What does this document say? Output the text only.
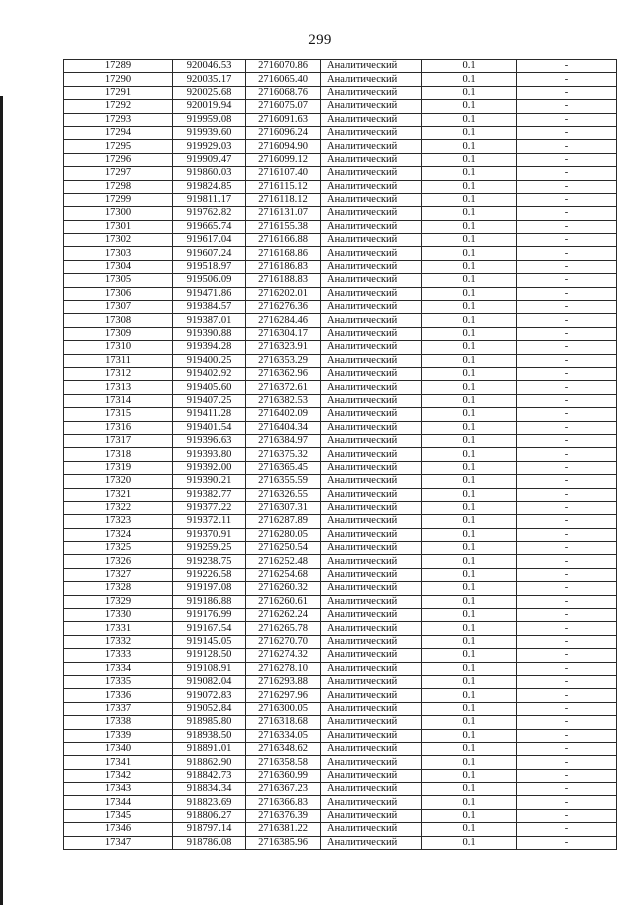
299
17289	920046.53	2716070.86	Аналитический	0.1	-
17290	920035.17	2716065.40	Аналитический	0.1	-
17291	920025.68	2716068.76	Аналитический	0.1	-
17292	920019.94	2716075.07	Аналитический	0.1	-
17293	919959.08	2716091.63	Аналитический	0.1	-
17294	919939.60	2716096.24	Аналитический	0.1	-
17295	919929.03	2716094.90	Аналитический	0.1	-
17296	919909.47	2716099.12	Аналитический	0.1	-
17297	919860.03	2716107.40	Аналитический	0.1	-
17298	919824.85	2716115.12	Аналитический	0.1	-
17299	919811.17	2716118.12	Аналитический	0.1	-
17300	919762.82	2716131.07	Аналитический	0.1	-
17301	919665.74	2716155.38	Аналитический	0.1	-
17302	919617.04	2716166.88	Аналитический	0.1	-
17303	919607.24	2716168.86	Аналитический	0.1	-
17304	919518.97	2716186.83	Аналитический	0.1	-
17305	919506.09	2716188.83	Аналитический	0.1	-
17306	919471.86	2716202.01	Аналитический	0.1	-
17307	919384.57	2716276.36	Аналитический	0.1	-
17308	919387.01	2716284.46	Аналитический	0.1	-
17309	919390.88	2716304.17	Аналитический	0.1	-
17310	919394.28	2716323.91	Аналитический	0.1	-
17311	919400.25	2716353.29	Аналитический	0.1	-
17312	919402.92	2716362.96	Аналитический	0.1	-
17313	919405.60	2716372.61	Аналитический	0.1	-
17314	919407.25	2716382.53	Аналитический	0.1	-
17315	919411.28	2716402.09	Аналитический	0.1	-
17316	919401.54	2716404.34	Аналитический	0.1	-
17317	919396.63	2716384.97	Аналитический	0.1	-
17318	919393.80	2716375.32	Аналитический	0.1	-
17319	919392.00	2716365.45	Аналитический	0.1	-
17320	919390.21	2716355.59	Аналитический	0.1	-
17321	919382.77	2716326.55	Аналитический	0.1	-
17322	919377.22	2716307.31	Аналитический	0.1	-
17323	919372.11	2716287.89	Аналитический	0.1	-
17324	919370.91	2716280.05	Аналитический	0.1	-
17325	919259.25	2716250.54	Аналитический	0.1	-
17326	919238.75	2716252.48	Аналитический	0.1	-
17327	919226.58	2716254.68	Аналитический	0.1	-
17328	919197.08	2716260.32	Аналитический	0.1	-
17329	919186.88	2716260.61	Аналитический	0.1	-
17330	919176.99	2716262.24	Аналитический	0.1	-
17331	919167.54	2716265.78	Аналитический	0.1	-
17332	919145.05	2716270.70	Аналитический	0.1	-
17333	919128.50	2716274.32	Аналитический	0.1	-
17334	919108.91	2716278.10	Аналитический	0.1	-
17335	919082.04	2716293.88	Аналитический	0.1	-
17336	919072.83	2716297.96	Аналитический	0.1	-
17337	919052.84	2716300.05	Аналитический	0.1	-
17338	918985.80	2716318.68	Аналитический	0.1	-
17339	918938.50	2716334.05	Аналитический	0.1	-
17340	918891.01	2716348.62	Аналитический	0.1	-
17341	918862.90	2716358.58	Аналитический	0.1	-
17342	918842.73	2716360.99	Аналитический	0.1	-
17343	918834.34	2716367.23	Аналитический	0.1	-
17344	918823.69	2716366.83	Аналитический	0.1	-
17345	918806.27	2716376.39	Аналитический	0.1	-
17346	918797.14	2716381.22	Аналитический	0.1	-
17347	918786.08	2716385.96	Аналитический	0.1	-
